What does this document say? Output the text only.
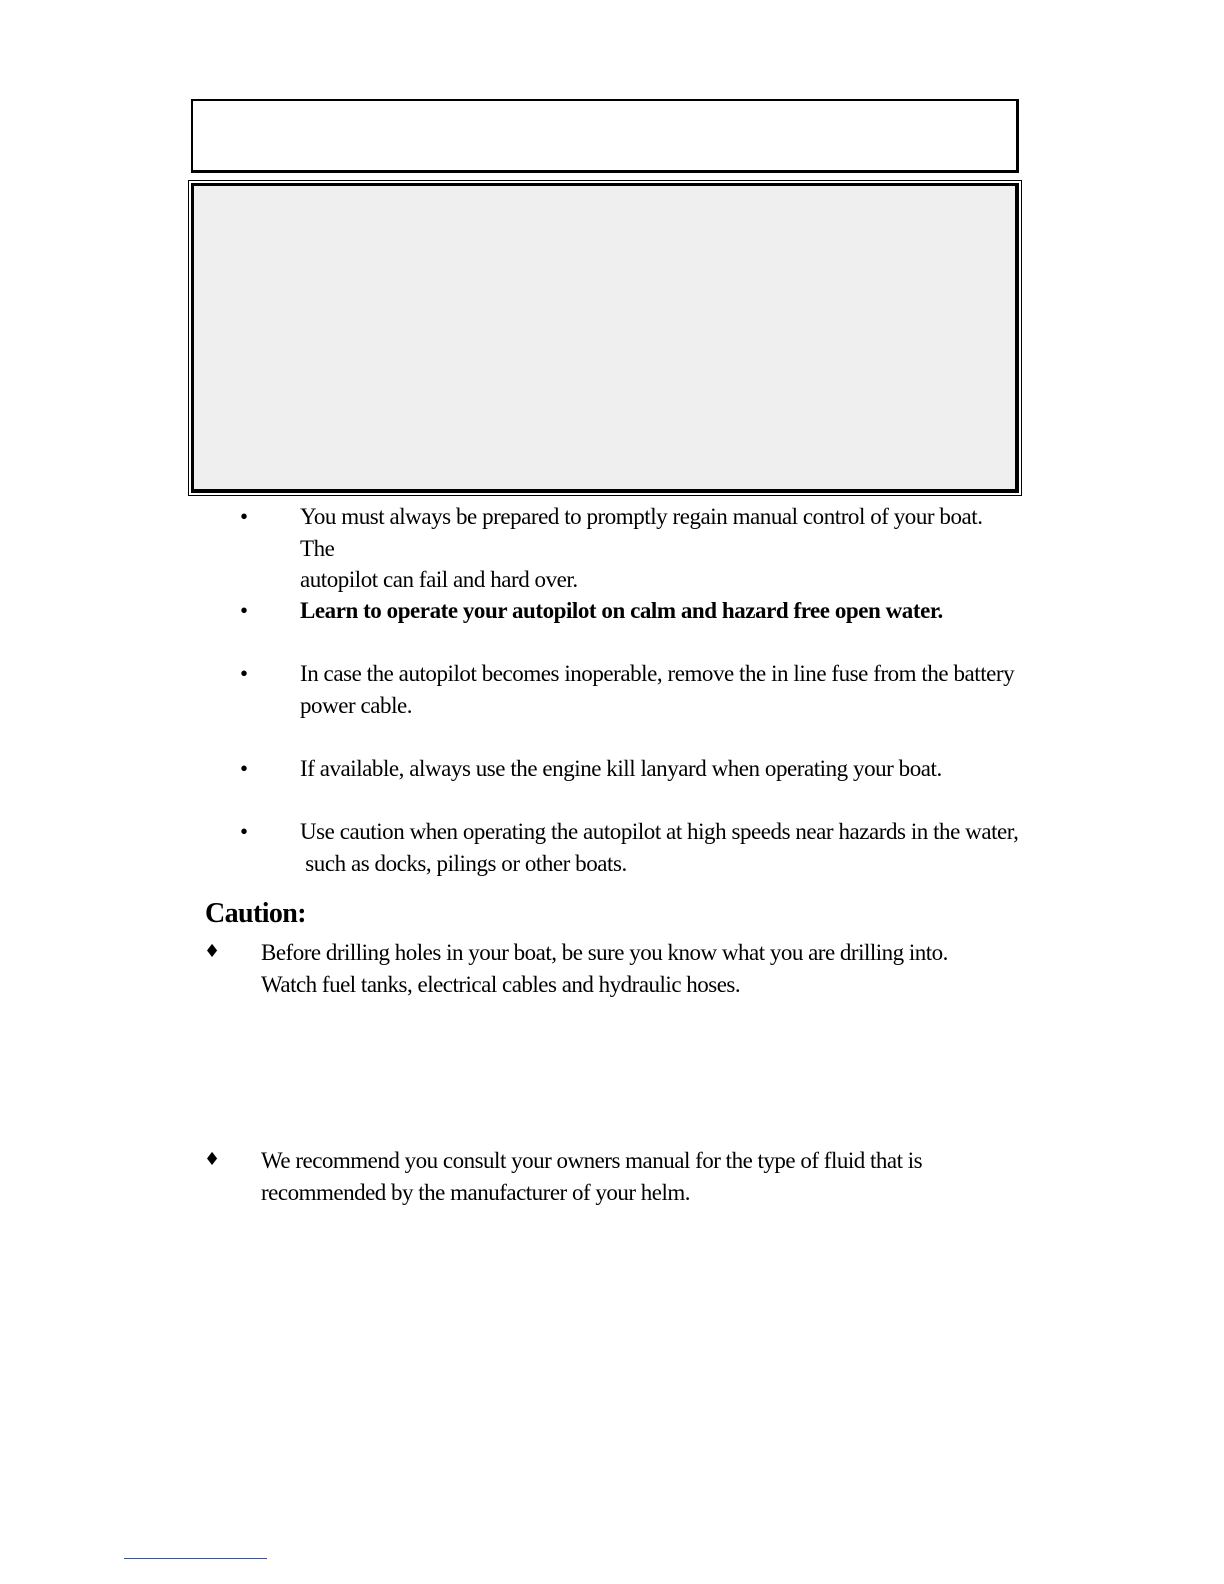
•	You must always be prepared to promptly regain manual control of your boat. The
autopilot can fail and hard over.
•	Learn to operate your autopilot on calm and hazard free open water.
•	In case the autopilot becomes inoperable, remove the in line fuse from the battery
power cable.
•	If available, always use the engine kill lanyard when operating your boat.
•	Use caution when operating the autopilot at high speeds near hazards in the water,
such as docks, pilings or other boats.
Caution:
♦ Before drilling holes in your boat, be sure you know what you are drilling into.
Watch fuel tanks, electrical cables and hydraulic hoses.
♦ We recommend you consult your owners manual for the type of fluid that is
recommended by the manufacturer of your helm.
